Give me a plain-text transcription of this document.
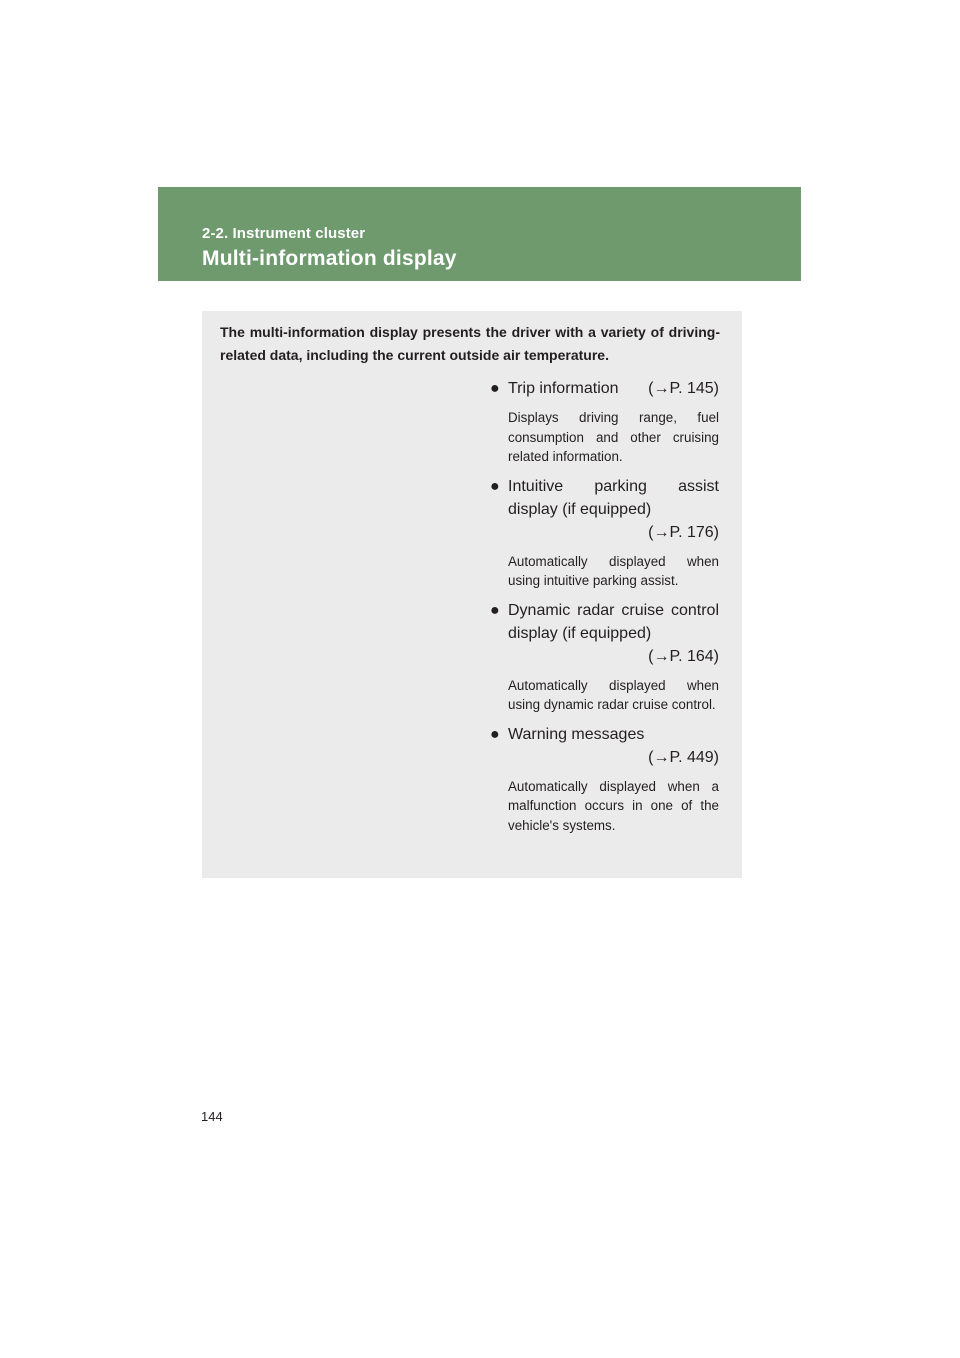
2-2. Instrument cluster
Multi-information display
The multi-information display presents the driver with a variety of driving-related data, including the current outside air temperature.
● Trip information (→P. 145)
Displays driving range, fuel consumption and other cruising related information.
● Intuitive parking assist display (if equipped)
(→P. 176)
Automatically displayed when using intuitive parking assist.
● Dynamic radar cruise control display (if equipped)
(→P. 164)
Automatically displayed when using dynamic radar cruise control.
● Warning messages
(→P. 449)
Automatically displayed when a malfunction occurs in one of the vehicle's systems.
144
